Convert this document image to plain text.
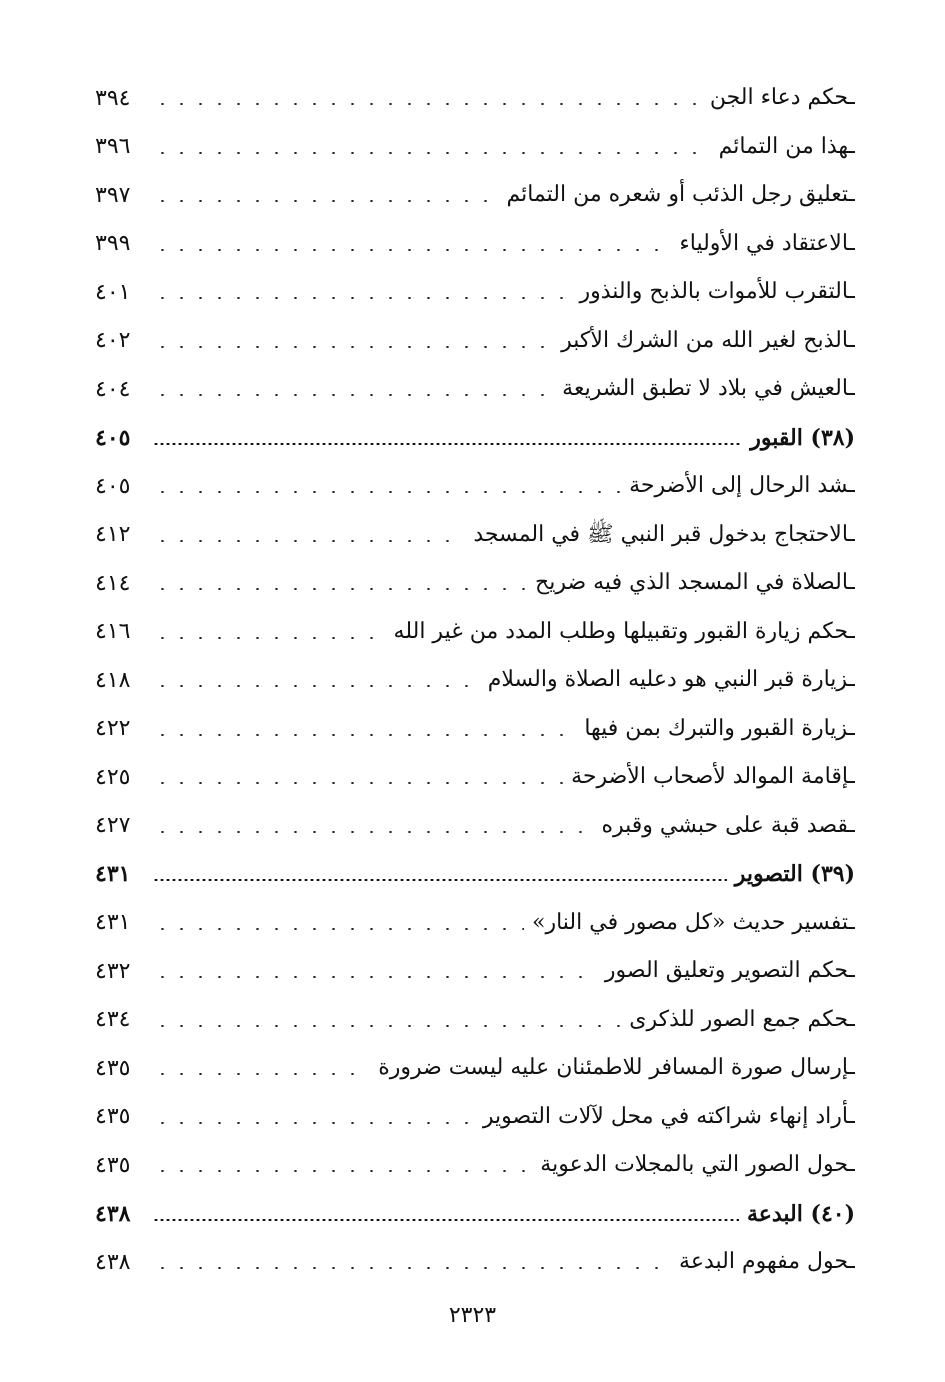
ـحكم دعاء الجن
٣٩٤
ـهذا من التمائم
٣٩٦
ـتعليق رجل الذئب أو شعره من التمائم
٣٩٧
ـالاعتقاد في الأولياء
٣٩٩
ـالتقرب للأموات بالذبح والنذور
٤٠١
ـالذبح لغير الله من الشرك الأكبر
٤٠٢
ـالعيش في بلاد لا تطبق الشريعة
٤٠٤
(٣٨) القبور
٤٠٥
ـشد الرحال إلى الأضرحة
٤٠٥
ـالاحتجاج بدخول قبر النبي ﷺ في المسجد
٤١٢
ـالصلاة في المسجد الذي فيه ضريح
٤١٤
ـحكم زيارة القبور وتقبيلها وطلب المدد من غير الله
٤١٦
ـزيارة قبر النبي هو دعليه الصلاة والسلام
٤١٨
ـزيارة القبور والتبرك بمن فيها
٤٢٢
ـإقامة الموالد لأصحاب الأضرحة
٤٢٥
ـقصد قبة على حبشي وقبره
٤٢٧
(٣٩) التصوير
٤٣١
ـتفسير حديث «كل مصور في النار»
٤٣١
ـحكم التصوير وتعليق الصور
٤٣٢
ـحكم جمع الصور للذكرى
٤٣٤
ـإرسال صورة المسافر للاطمئنان عليه ليست ضرورة
٤٣٥
ـأراد إنهاء شراكته في محل لآلات التصوير
٤٣٥
ـحول الصور التي بالمجلات الدعوية
٤٣٥
(٤٠) البدعة
٤٣٨
ـحول مفهوم البدعة
٤٣٨
٢٣٢٣
